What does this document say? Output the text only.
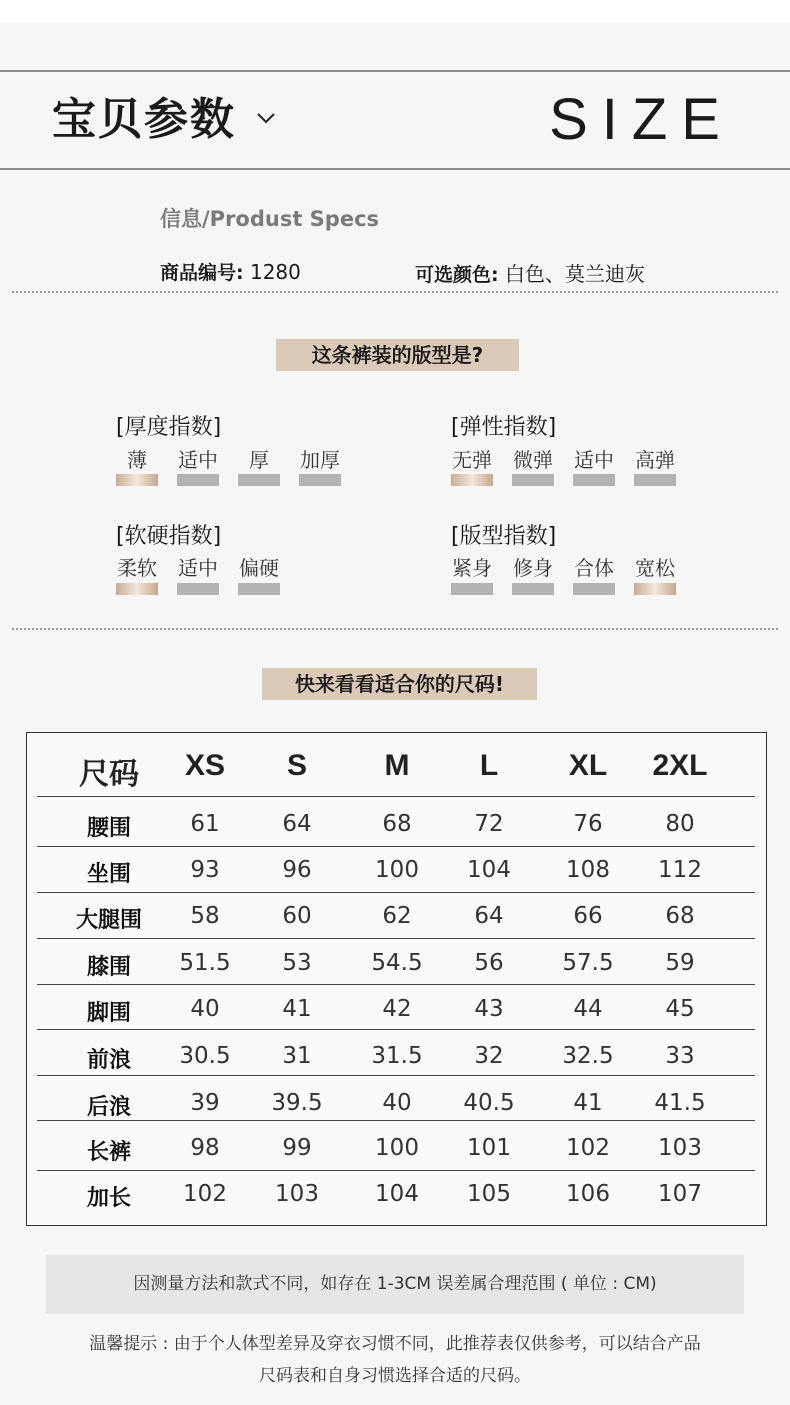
宝贝参数	SIZE
信息/Produst Specs
商品编号: 1280	可选颜色: 白色、莫兰迪灰
这条裤装的版型是?
[厚度指数]
薄	适中	厚	加厚
[弹性指数]
无弹	微弹	适中	高弹
[软硬指数]
柔软	适中	偏硬
[版型指数]
紧身	修身	合体	宽松
快来看看适合你的尺码!
尺码	XS	S	M	L	XL	2XL
腰围	61	64	68	72	76	80
坐围	93	96	100	104	108	112
大腿围	58	60	62	64	66	68
膝围	51.5	53	54.5	56	57.5	59
脚围	40	41	42	43	44	45
前浪	30.5	31	31.5	32	32.5	33
后浪	39	39.5	40	40.5	41	41.5
长裤	98	99	100	101	102	103
加长	102	103	104	105	106	107
因测量方法和款式不同，如存在 1-3CM 误差属合理范围 ( 单位 : CM)
温馨提示 : 由于个人体型差异及穿衣习惯不同，此推荐表仅供参考，可以结合产品
尺码表和自身习惯选择合适的尺码。
